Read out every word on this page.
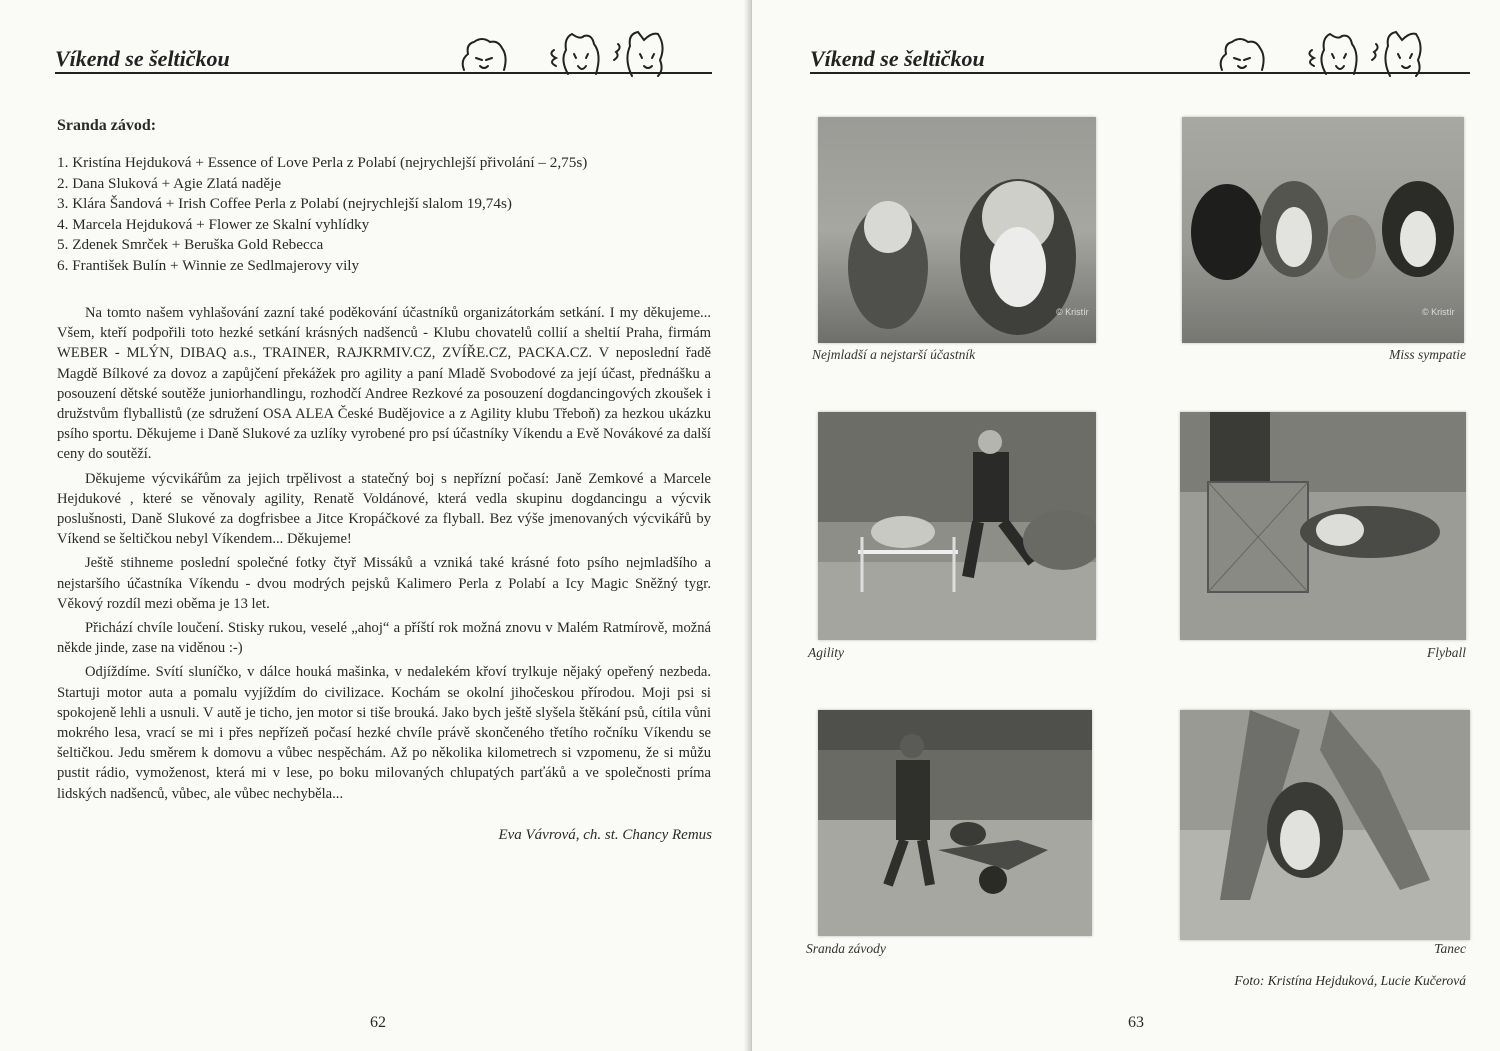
Víkend se šeltičkou
Sranda závod:
1. Kristína Hejduková + Essence of Love Perla z Polabí (nejrychlejší přivolání – 2,75s)
2. Dana Sluková + Agie Zlatá naděje
3. Klára Šandová + Irish Coffee Perla z Polabí (nejrychlejší slalom 19,74s)
4. Marcela Hejduková + Flower ze Skalní vyhlídky
5. Zdenek Smrček + Beruška Gold Rebecca
6. František Bulín + Winnie ze Sedlmajerovy vily

Na tomto našem vyhlašování zazní také poděkování účastníků organizátorkám setkání. I my děkujeme... Všem, kteří podpořili toto hezké setkání krásných nadšenců - Klubu chovatelů collií a sheltií Praha, firmám WEBER - MLÝN, DIBAQ a.s., TRAINER, RAJKRMIV.CZ, ZVÍŘE.CZ, PACKA.CZ. V neposlední řadě Magdě Bílkové za dovoz a zapůjčení překážek pro agility a paní Mladě Svobodové za její účast, přednášku a posouzení dětské soutěže juniorhandlingu, rozhodčí Andree Rezkové za posouzení dogdancingových zkoušek i družstvům flyballistů (ze sdružení OSA ALEA České Budějovice a z Agility klubu Třeboň) za hezkou ukázku psího sportu. Děkujeme i Daně Slukové za uzlíky vyrobené pro psí účastníky Víkendu a Evě Novákové za další ceny do soutěží.

Děkujeme výcvikářům za jejich trpělivost a statečný boj s nepřízní počasí: Janě Zemkové a Marcele Hejdukové , které se věnovaly agility, Renatě Voldánové, která vedla skupinu dogdancingu a výcvik poslušnosti, Daně Slukové za dogfrisbee a Jitce Kropáčkové za flyball. Bez výše jmenovaných výcvikářů by Víkend se šeltičkou nebyl Víkendem... Děkujeme!

Ještě stihneme poslední společné fotky čtyř Missáků a vzniká také krásné foto psího nejmladšího a nejstaršího účastníka Víkendu - dvou modrých pejsků Kalimero Perla z Polabí a Icy Magic Sněžný tygr. Věkový rozdíl mezi oběma je 13 let.

Přichází chvíle loučení. Stisky rukou, veselé „ahoj“ a příští rok možná znovu v Malém Ratmírově, možná někde jinde, zase na viděnou :-)

Odjíždíme. Svítí sluníčko, v dálce houká mašinka, v nedalekém křoví trylkuje nějaký opeřený nezbeda. Startuji motor auta a pomalu vyjíždím do civilizace. Kochám se okolní jihočeskou přírodou. Moji psi si spokojeně lehli a usnuli. V autě je ticho, jen motor si tiše brouká. Jako bych ještě slyšela štěkání psů, cítila vůni mokrého lesa, vrací se mi i přes nepřízeň počasí hezké chvíle právě skončeného třetího ročníku Víkendu se šeltičkou. Jedu směrem k domovu a vůbec nespěchám. Až po několika kilometrech si vzpomenu, že si můžu pustit rádio, vymoženost, která mi v lese, po boku milovaných chlupatých parťáků a ve společnosti príma lidských nadšenců, vůbec, ale vůbec nechyběla...

Eva Vávrová, ch. st. Chancy Remus
62
Víkend se šeltičkou
© Kristír
Nejmladší a nejstarší účastník
© Kristír
Miss sympatie
Agility	Flyball
Sranda závody	Tanec
Foto: Kristína Hejduková, Lucie Kučerová
63
